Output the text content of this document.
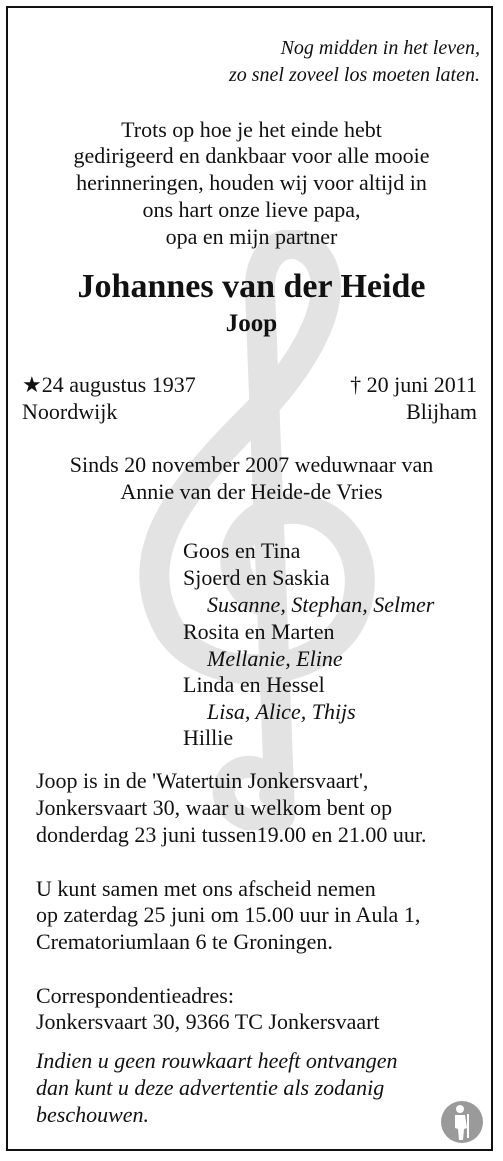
Nog midden in het leven,
zo snel zoveel los moeten laten.
Trots op hoe je het einde hebt
gedirigeerd en dankbaar voor alle mooie
herinneringen, houden wij voor altijd in
ons hart onze lieve papa,
opa en mijn partner
Johannes van der Heide
Joop
★24 augustus 1937
Noordwijk
† 20 juni 2011
Blijham
Sinds 20 november 2007 weduwnaar van
Annie van der Heide-de Vries
Goos en Tina
Sjoerd en Saskia
Susanne, Stephan, Selmer
Rosita en Marten
Mellanie, Eline
Linda en Hessel
Lisa, Alice, Thijs
Hillie
Joop is in de 'Watertuin Jonkersvaart',
Jonkersvaart 30, waar u welkom bent op
donderdag 23 juni tussen19.00 en 21.00 uur.
U kunt samen met ons afscheid nemen
op zaterdag 25 juni om 15.00 uur in Aula 1,
Crematoriumlaan 6 te Groningen.
Correspondentieadres:
Jonkersvaart 30, 9366 TC Jonkersvaart
Indien u geen rouwkaart heeft ontvangen
dan kunt u deze advertentie als zodanig
beschouwen.
